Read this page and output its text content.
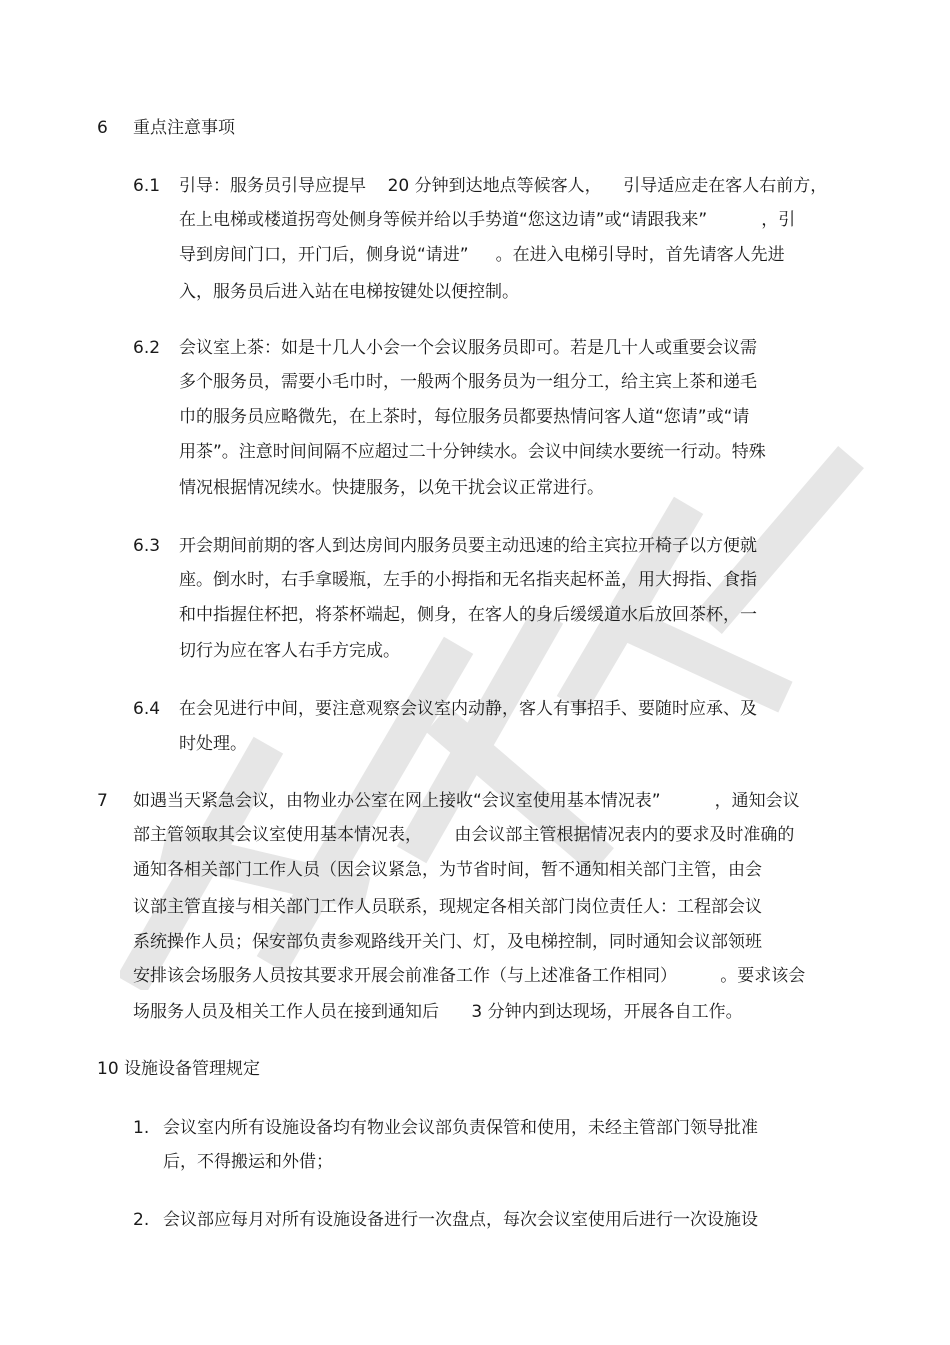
6 重点注意事项
6.1 引导：服务员引导应提早    20 分钟到达地点等候客人，    引导适应走在客人右前方，
在上电梯或楼道拐弯处侧身等候并给以手势道“您这边请”或“请跟我来”          ，引
导到房间门口，开门后，侧身说“请进”     。在进入电梯引导时，首先请客人先进
入，服务员后进入站在电梯按键处以便控制。
6.2 会议室上茶：如是十几人小会一个会议服务员即可。若是几十人或重要会议需
多个服务员，需要小毛巾时，一般两个服务员为一组分工，给主宾上茶和递毛
巾的服务员应略微先，在上茶时，每位服务员都要热情问客人道“您请”或“请
用茶”。注意时间间隔不应超过二十分钟续水。会议中间续水要统一行动。特殊
情况根据情况续水。快捷服务，以免干扰会议正常进行。
6.3 开会期间前期的客人到达房间内服务员要主动迅速的给主宾拉开椅子以方便就
座。倒水时，右手拿暖瓶，左手的小拇指和无名指夹起杯盖，用大拇指、食指
和中指握住杯把，将茶杯端起，侧身，在客人的身后缓缓道水后放回茶杯，一
切行为应在客人右手方完成。
6.4 在会见进行中间，要注意观察会议室内动静，客人有事招手、要随时应承、及
时处理。
7 如遇当天紧急会议，由物业办公室在网上接收“会议室使用基本情况表”          ，通知会议
部主管领取其会议室使用基本情况表，      由会议部主管根据情况表内的要求及时准确的
通知各相关部门工作人员（因会议紧急，为节省时间，暂不通知相关部门主管，由会
议部主管直接与相关部门工作人员联系，现规定各相关部门岗位责任人：工程部会议
系统操作人员；保安部负责参观路线开关门、灯，及电梯控制，同时通知会议部领班
安排该会场服务人员按其要求开展会前准备工作（与上述准备工作相同）        。要求该会
场服务人员及相关工作人员在接到通知后      3 分钟内到达现场，开展各自工作。
10 设施设备管理规定
1. 会议室内所有设施设备均有物业会议部负责保管和使用，未经主管部门领导批准
后，不得搬运和外借；
2. 会议部应每月对所有设施设备进行一次盘点，每次会议室使用后进行一次设施设
